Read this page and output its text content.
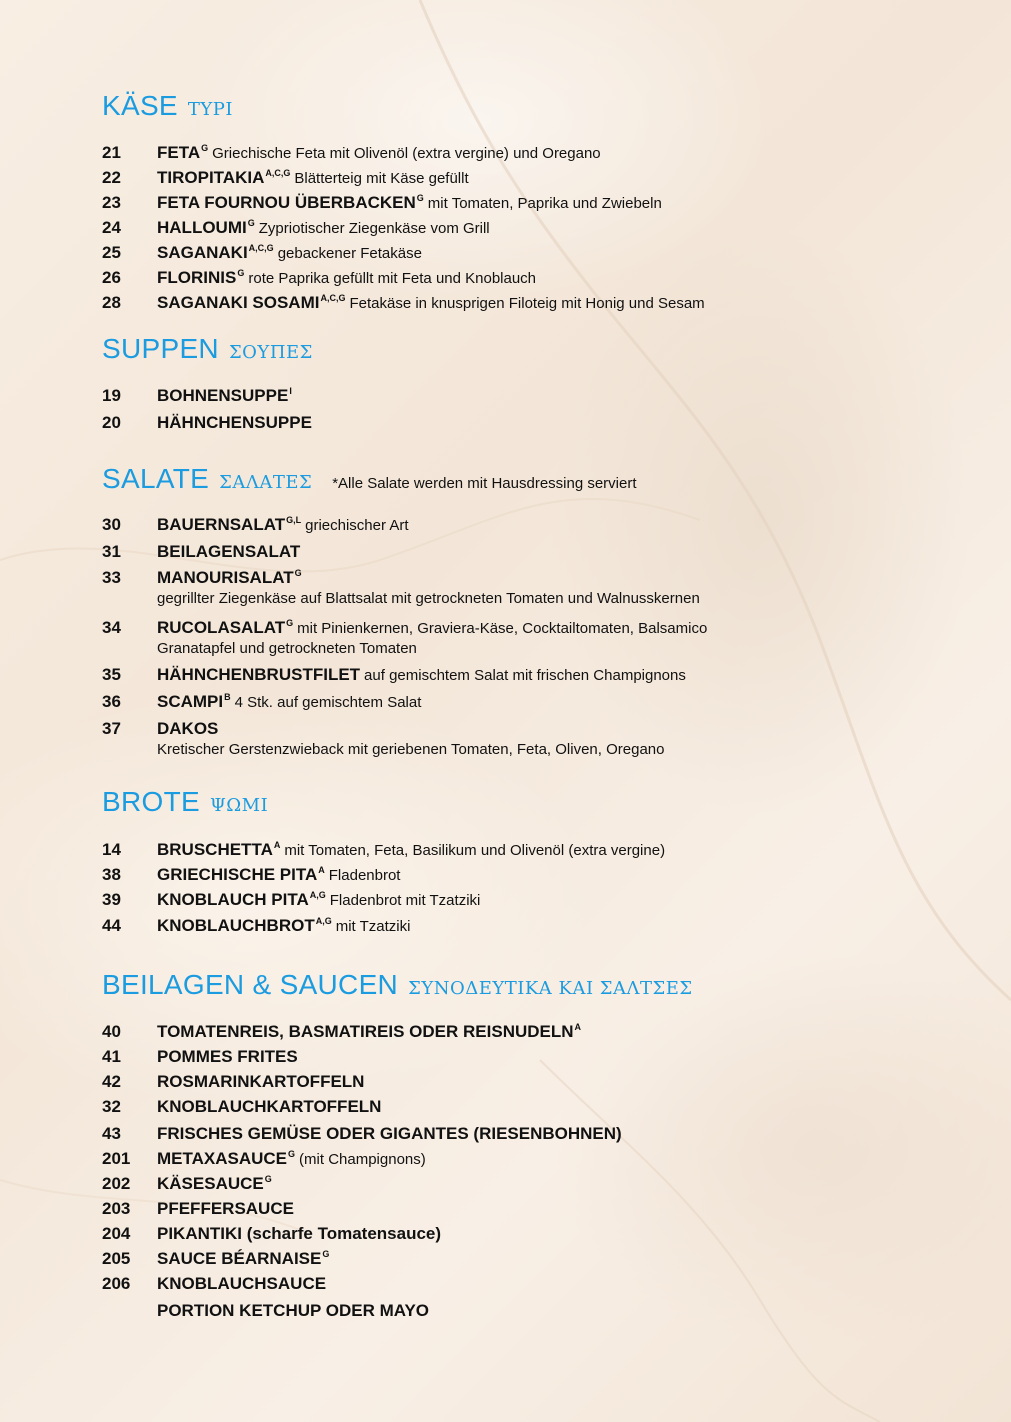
KÄSE ΤΥΡΙ
21 $FETA^G$ Griechische Feta mit Olivenöl (extra vergine) und Oregano
22 $TIROPITAKIA^{A,C,G}$ Blätterteig mit Käse gefüllt
23 FETA FOURNOU $ÜBERBACKEN^G$ mit Tomaten, Paprika und Zwiebeln
24 $HALLOUMI^G$ Zypriotischer Ziegenkäse vom Grill
25 $SAGANAKI^{A,C,G}$ gebackener Fetakäse
26 $FLORINIS^G$ rote Paprika gefüllt mit Feta und Knoblauch
28 SAGANAKI $SOSAMI^{A,C,G}$ Fetakäse in knusprigen Filoteig mit Honig und Sesam
SUPPEN ΣΟΥΠΕΣ
19 $BOHNENSUPPE^I$
20 HÄHNCHENSUPPE
SALATE ΣΑΛΑΤΕΣ *Alle Salate werden mit Hausdressing serviert
30 $BAUERNSALAT^{G,L}$ griechischer Art
31 BEILAGENSALAT
33 $MANOURISALAT^G$
gegrillter Ziegenkäse auf Blattsalat mit getrockneten Tomaten und Walnusskernen
34 $RUCOLASALAT^G$ mit Pinienkernen, Graviera-Käse, Cocktailtomaten, Balsamico
Granatapfel und getrockneten Tomaten
35 HÄHNCHENBRUSTFILET auf gemischtem Salat mit frischen Champignons
36 $SCAMPI^B$ 4 Stk. auf gemischtem Salat
37 DAKOS
Kretischer Gerstenzwieback mit geriebenen Tomaten, Feta, Oliven, Oregano
BROTE ΨΩΜΙ
14 $BRUSCHETTA^A$ mit Tomaten, Feta, Basilikum und Olivenöl (extra vergine)
38 GRIECHISCHE $PITA^A$ Fladenbrot
39 KNOBLAUCH $PITA^{A,G}$ Fladenbrot mit Tzatziki
44 $KNOBLAUCHBROT^{A,G}$ mit Tzatziki
BEILAGEN & SAUCEN ΣΥΝΟΔΕΥΤΙΚΑ ΚΑΙ ΣΑΛΤΣΕΣ
40 TOMATENREIS, BASMATIREIS ODER $REISNUDELN^A$
41 POMMES FRITES
42 ROSMARINKARTOFFELN
32 KNOBLAUCHKARTOFFELN
43 FRISCHES GEMÜSE ODER GIGANTES (RIESENBOHNEN)
201 $METAXASAUCE^G$ (mit Champignons)
202 $KÄSESAUCE^G$
203 PFEFFERSAUCE
204 PIKANTIKI (scharfe Tomatensauce)
205 SAUCE $BÉARNAISE^G$
206 KNOBLAUCHSAUCE
PORTION KETCHUP ODER MAYO
